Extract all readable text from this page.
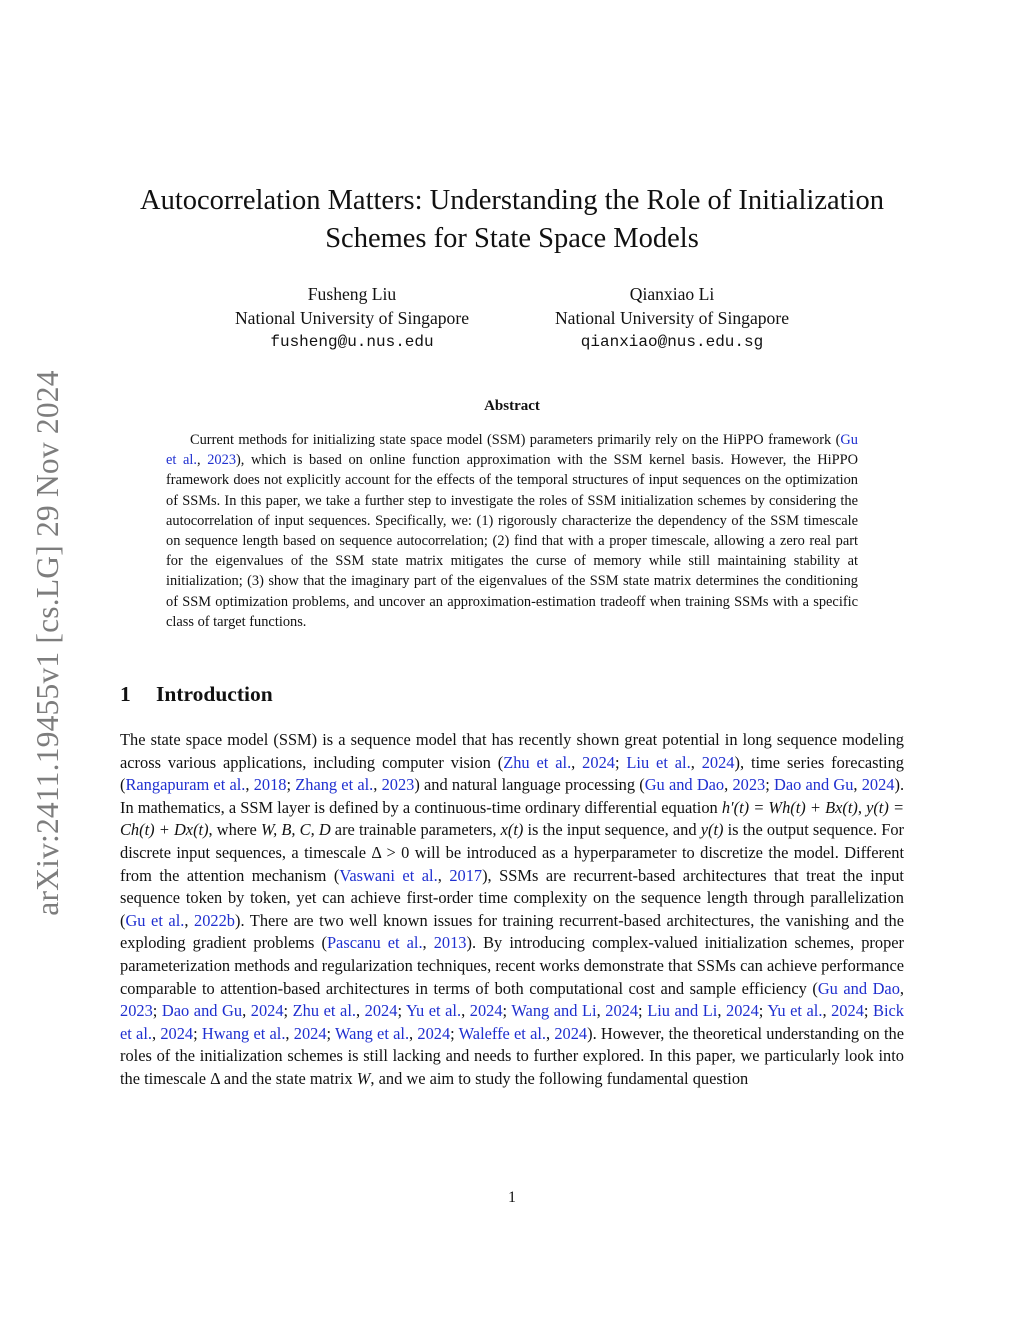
arXiv:2411.19455v1 [cs.LG] 29 Nov 2024
Autocorrelation Matters: Understanding the Role of Initialization Schemes for State Space Models
Fusheng Liu
National University of Singapore
fusheng@u.nus.edu
Qianxiao Li
National University of Singapore
qianxiao@nus.edu.sg
Abstract

Current methods for initializing state space model (SSM) parameters primarily rely on the HiPPO framework (Gu et al., 2023), which is based on online function approximation with the SSM kernel basis. However, the HiPPO framework does not explicitly account for the effects of the temporal structures of input sequences on the optimization of SSMs. In this paper, we take a further step to investigate the roles of SSM initialization schemes by considering the autocorrelation of input sequences. Specifically, we: (1) rigorously characterize the dependency of the SSM timescale on sequence length based on sequence autocorrelation; (2) find that with a proper timescale, allowing a zero real part for the eigenvalues of the SSM state matrix mitigates the curse of memory while still maintaining stability at initialization; (3) show that the imaginary part of the eigenvalues of the SSM state matrix determines the conditioning of SSM optimization problems, and uncover an approximation-estimation tradeoff when training SSMs with a specific class of target functions.

1 Introduction

The state space model (SSM) is a sequence model that has recently shown great potential in long sequence modeling across various applications, including computer vision (Zhu et al., 2024; Liu et al., 2024), time series forecasting (Rangapuram et al., 2018; Zhang et al., 2023) and natural language processing (Gu and Dao, 2023; Dao and Gu, 2024). In mathematics, a SSM layer is defined by a continuous-time ordinary differential equation h′(t) = Wh(t) + Bx(t), y(t) = Ch(t) + Dx(t), where W, B, C, D are trainable parameters, x(t) is the input sequence, and y(t) is the output sequence. For discrete input sequences, a timescale Δ > 0 will be introduced as a hyperparameter to discretize the model. Different from the attention mechanism (Vaswani et al., 2017), SSMs are recurrent-based architectures that treat the input sequence token by token, yet can achieve first-order time complexity on the sequence length through parallelization (Gu et al., 2022b). There are two well known issues for training recurrent-based architectures, the vanishing and the exploding gradient problems (Pascanu et al., 2013). By introducing complex-valued initialization schemes, proper parameterization methods and regularization techniques, recent works demonstrate that SSMs can achieve performance comparable to attention-based architectures in terms of both computational cost and sample efficiency (Gu and Dao, 2023; Dao and Gu, 2024; Zhu et al., 2024; Yu et al., 2024; Wang and Li, 2024; Liu and Li, 2024; Yu et al., 2024; Bick et al., 2024; Hwang et al., 2024; Wang et al., 2024; Waleffe et al., 2024). However, the theoretical understanding on the roles of the initialization schemes is still lacking and needs to further explored. In this paper, we particularly look into the timescale Δ and the state matrix W, and we aim to study the following fundamental question

1
